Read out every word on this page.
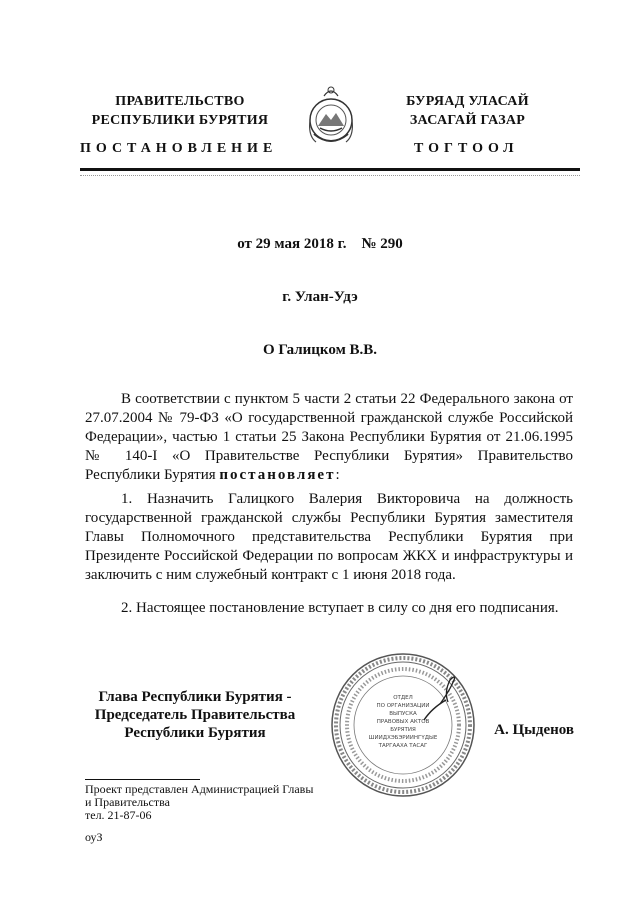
ПРАВИТЕЛЬСТВО
РЕСПУБЛИКИ БУРЯТИЯ
БУРЯАД УЛАСАЙ
ЗАСАГАЙ ГАЗАР
ПОСТАНОВЛЕНИЕ	ТОГТООЛ
от 29 мая 2018 г.    № 290
г. Улан-Удэ
О Галицком В.В.
В соответствии с пунктом 5 части 2 статьи 22 Федерального закона от 27.07.2004 № 79-ФЗ «О государственной гражданской службе Российской Федерации», частью 1 статьи 25 Закона Республики Бурятия от 21.06.1995 № 140-I «О Правительстве Республики Бурятия» Правительство Республики Бурятия постановляет:
1. Назначить Галицкого Валерия Викторовича на должность государственной гражданской службы Республики Бурятия заместителя Главы Полномочного представительства Республики Бурятия при Президенте Российской Федерации по вопросам ЖКХ и инфраструктуры и заключить с ним служебный контракт с 1 июня 2018 года.
2. Настоящее постановление вступает в силу со дня его подписания.
Глава Республики Бурятия -
Председатель Правительства
Республики Бурятия
ОТДЕЛ
ПО ОРГАНИЗАЦИИ
ВЫПУСКА
ПРАВОВЫХ АКТОВ
БУРЯТИЯ
ШИИДХЭБЭРИИНГҮДЫЕ
ТАРГААХА ТАСАГ
А. Цыденов
Проект представлен Администрацией Главы
и Правительства
тел. 21-87-06
оуЗ
